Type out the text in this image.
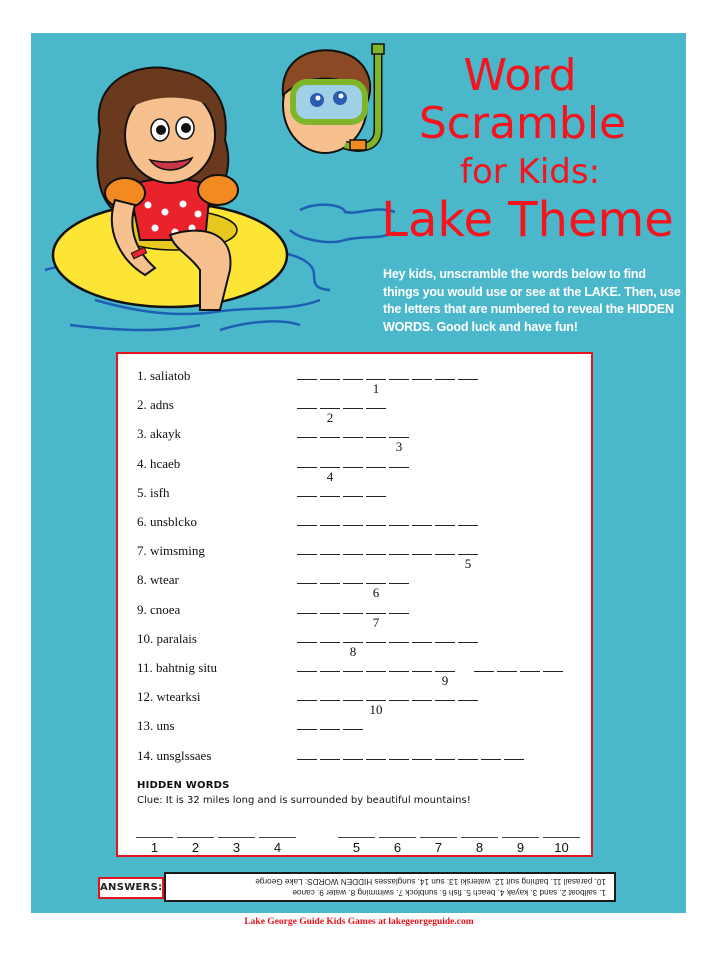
Word
Scramble
for Kids:
Lake Theme
Hey kids, unscramble the words below to find things you would use or see at the LAKE. Then, use the letters that are numbered to reveal the HIDDEN WORDS. Good luck and have fun!
1. saliatob
1
2. adns
2
3. akayk
3
4. hcaeb
4
5. isfh
6. unsblcko
7. wimsming
5
8. wtear
6
9. cnoea
7
10. paralais
8
11. bahtnig situ
9
12. wtearksi
10
13. uns
14. unsglssaes
HIDDEN WORDS
Clue: It is 32 miles long and is surrounded by beautiful mountains!
1	2	3	4	5	6	7	8	9	10
ANSWERS:	1. sailboat 2. sand 3. kayak 4. beach 5. fish 6. sunblock 7. swimming 8. water 9. canoe
10. parasail 11. bathing suit 12. waterski 13. sun 14. sunglasses HIDDEN WORDS: Lake George
Lake George Guide Kids Games at lakegeorgeguide.com
